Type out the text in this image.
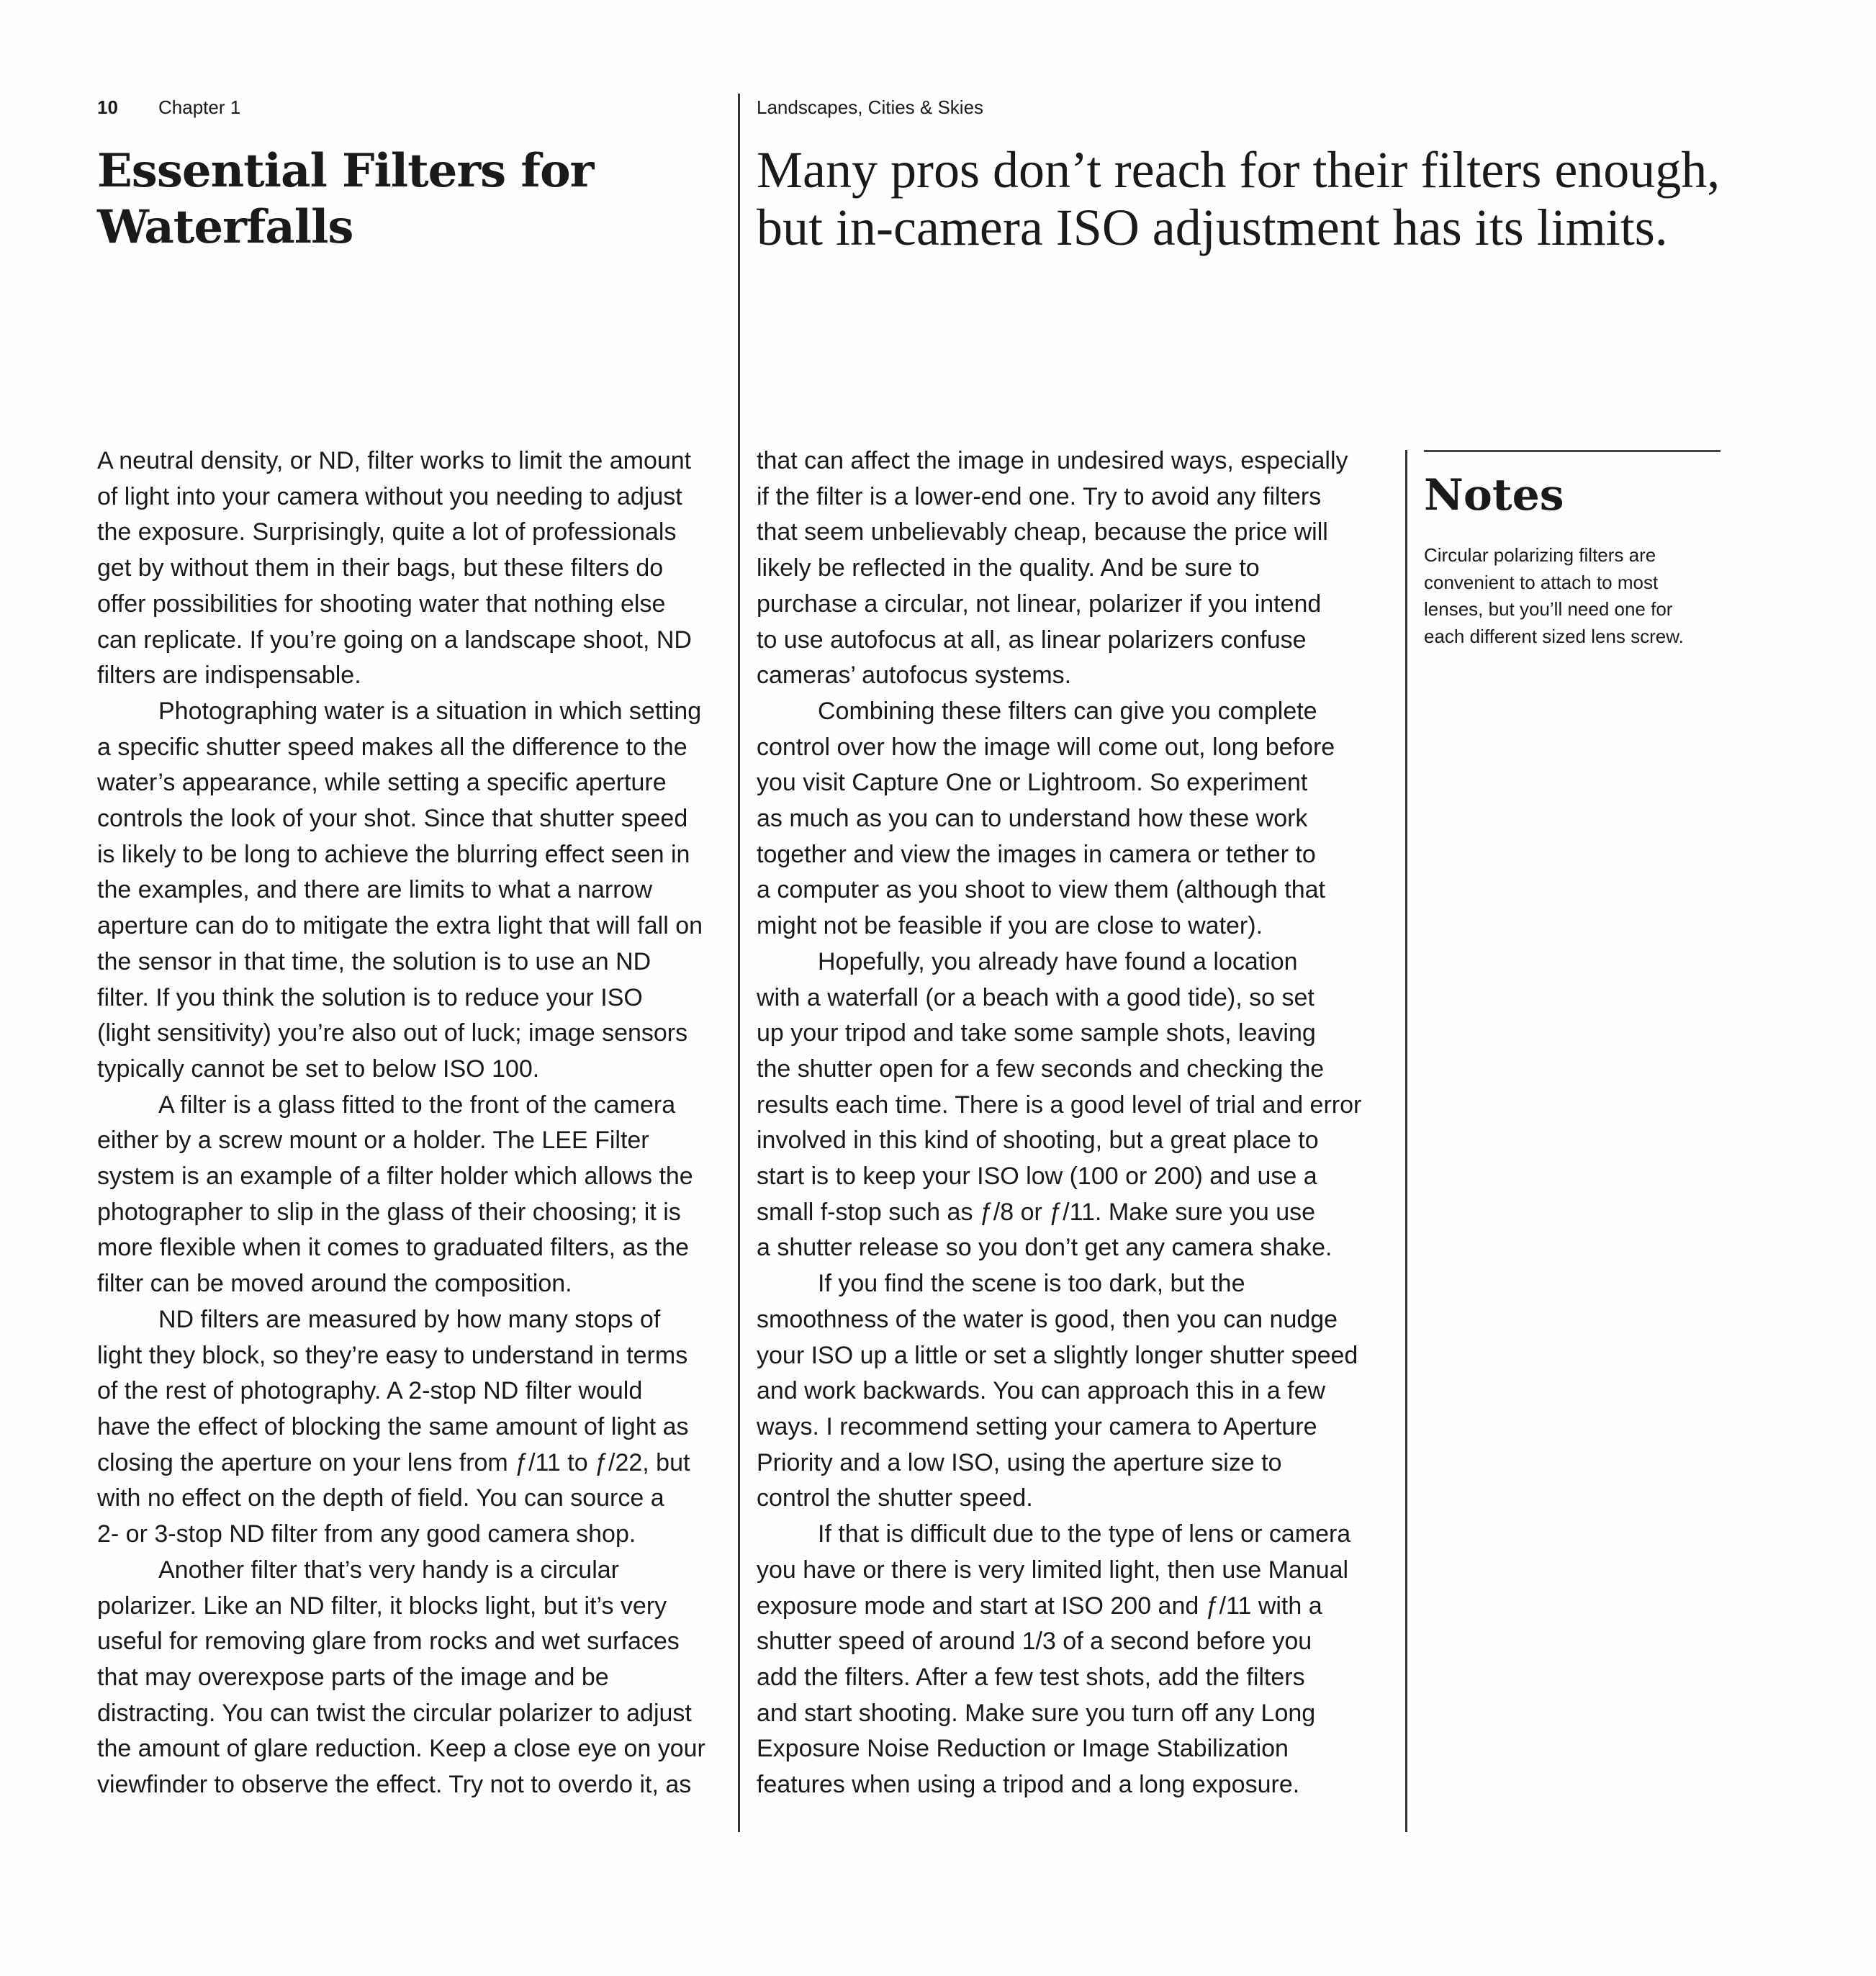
10 Chapter 1	Landscapes, Cities & Skies
Essential Filters for
Waterfalls
Many pros don’t reach for their filters enough,
but in-camera ISO adjustment has its limits.
A neutral density, or ND, filter works to limit the amount
of light into your camera without you needing to adjust
the exposure. Surprisingly, quite a lot of professionals
get by without them in their bags, but these filters do
offer possibilities for shooting water that nothing else
can replicate. If you’re going on a landscape shoot, ND
filters are indispensable.
Photographing water is a situation in which setting
a specific shutter speed makes all the difference to the
water’s appearance, while setting a specific aperture
controls the look of your shot. Since that shutter speed
is likely to be long to achieve the blurring effect seen in
the examples, and there are limits to what a narrow
aperture can do to mitigate the extra light that will fall on
the sensor in that time, the solution is to use an ND
filter. If you think the solution is to reduce your ISO
(light sensitivity) you’re also out of luck; image sensors
typically cannot be set to below ISO 100.
A filter is a glass fitted to the front of the camera
either by a screw mount or a holder. The LEE Filter
system is an example of a filter holder which allows the
photographer to slip in the glass of their choosing; it is
more flexible when it comes to graduated filters, as the
filter can be moved around the composition.
ND filters are measured by how many stops of
light they block, so they’re easy to understand in terms
of the rest of photography. A 2-stop ND filter would
have the effect of blocking the same amount of light as
closing the aperture on your lens from ƒ/11 to ƒ/22, but
with no effect on the depth of field. You can source a
2- or 3-stop ND filter from any good camera shop.
Another filter that’s very handy is a circular
polarizer. Like an ND filter, it blocks light, but it’s very
useful for removing glare from rocks and wet surfaces
that may overexpose parts of the image and be
distracting. You can twist the circular polarizer to adjust
the amount of glare reduction. Keep a close eye on your
viewfinder to observe the effect. Try not to overdo it, as
that can affect the image in undesired ways, especially
if the filter is a lower-end one. Try to avoid any filters
that seem unbelievably cheap, because the price will
likely be reflected in the quality. And be sure to
purchase a circular, not linear, polarizer if you intend
to use autofocus at all, as linear polarizers confuse
cameras’ autofocus systems.
Combining these filters can give you complete
control over how the image will come out, long before
you visit Capture One or Lightroom. So experiment
as much as you can to understand how these work
together and view the images in camera or tether to
a computer as you shoot to view them (although that
might not be feasible if you are close to water).
Hopefully, you already have found a location
with a waterfall (or a beach with a good tide), so set
up your tripod and take some sample shots, leaving
the shutter open for a few seconds and checking the
results each time. There is a good level of trial and error
involved in this kind of shooting, but a great place to
start is to keep your ISO low (100 or 200) and use a
small f-stop such as ƒ/8 or ƒ/11. Make sure you use
a shutter release so you don’t get any camera shake.
If you find the scene is too dark, but the
smoothness of the water is good, then you can nudge
your ISO up a little or set a slightly longer shutter speed
and work backwards. You can approach this in a few
ways. I recommend setting your camera to Aperture
Priority and a low ISO, using the aperture size to
control the shutter speed.
If that is difficult due to the type of lens or camera
you have or there is very limited light, then use Manual
exposure mode and start at ISO 200 and ƒ/11 with a
shutter speed of around 1/3 of a second before you
add the filters. After a few test shots, add the filters
and start shooting. Make sure you turn off any Long
Exposure Noise Reduction or Image Stabilization
features when using a tripod and a long exposure.
Notes
Circular polarizing filters are
convenient to attach to most
lenses, but you’ll need one for
each different sized lens screw.
